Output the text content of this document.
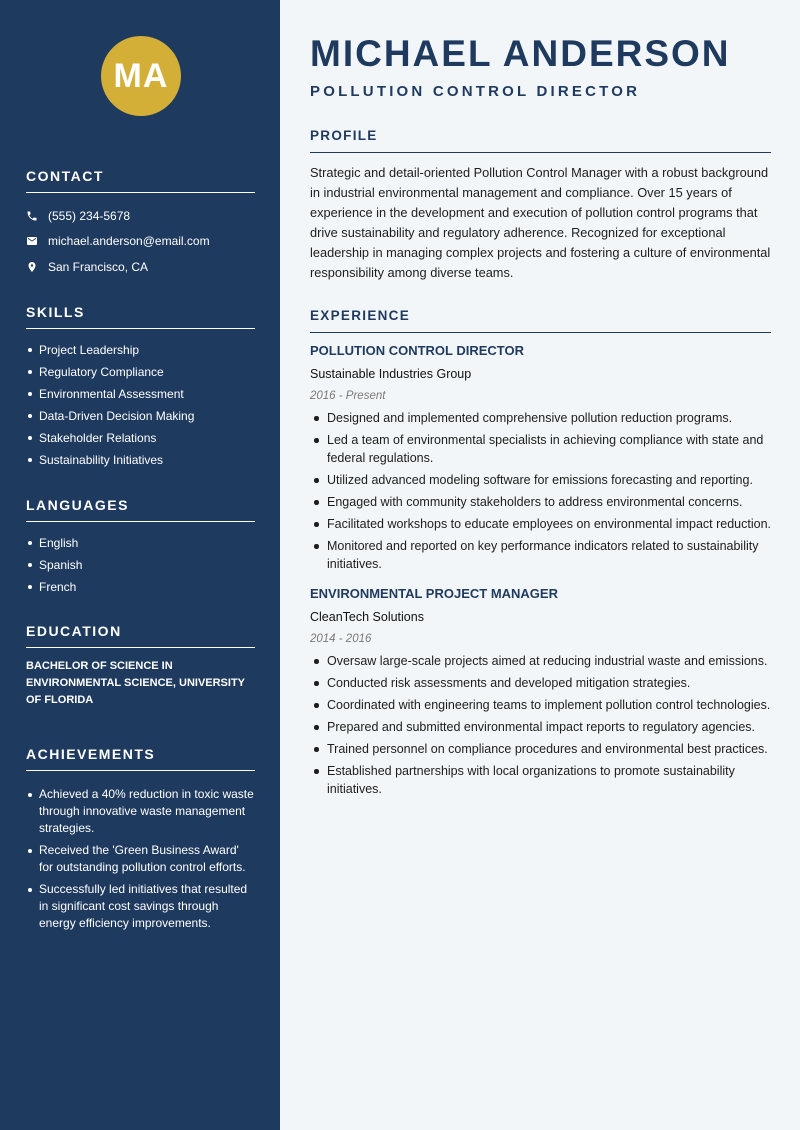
MA
CONTACT
(555) 234-5678
michael.anderson@email.com
San Francisco, CA
SKILLS
Project Leadership
Regulatory Compliance
Environmental Assessment
Data-Driven Decision Making
Stakeholder Relations
Sustainability Initiatives
LANGUAGES
English
Spanish
French
EDUCATION
BACHELOR OF SCIENCE IN ENVIRONMENTAL SCIENCE, UNIVERSITY OF FLORIDA
ACHIEVEMENTS
Achieved a 40% reduction in toxic waste through innovative waste management strategies.
Received the 'Green Business Award' for outstanding pollution control efforts.
Successfully led initiatives that resulted in significant cost savings through energy efficiency improvements.
MICHAEL ANDERSON
POLLUTION CONTROL DIRECTOR
PROFILE

Strategic and detail-oriented Pollution Control Manager with a robust background in industrial environmental management and compliance. Over 15 years of experience in the development and execution of pollution control programs that drive sustainability and regulatory adherence. Recognized for exceptional leadership in managing complex projects and fostering a culture of environmental responsibility among diverse teams.

EXPERIENCE
POLLUTION CONTROL DIRECTOR
Sustainable Industries Group
2016 - Present
Designed and implemented comprehensive pollution reduction programs.
Led a team of environmental specialists in achieving compliance with state and federal regulations.
Utilized advanced modeling software for emissions forecasting and reporting.
Engaged with community stakeholders to address environmental concerns.
Facilitated workshops to educate employees on environmental impact reduction.
Monitored and reported on key performance indicators related to sustainability initiatives.
ENVIRONMENTAL PROJECT MANAGER
CleanTech Solutions
2014 - 2016
Oversaw large-scale projects aimed at reducing industrial waste and emissions.
Conducted risk assessments and developed mitigation strategies.
Coordinated with engineering teams to implement pollution control technologies.
Prepared and submitted environmental impact reports to regulatory agencies.
Trained personnel on compliance procedures and environmental best practices.
Established partnerships with local organizations to promote sustainability initiatives.
